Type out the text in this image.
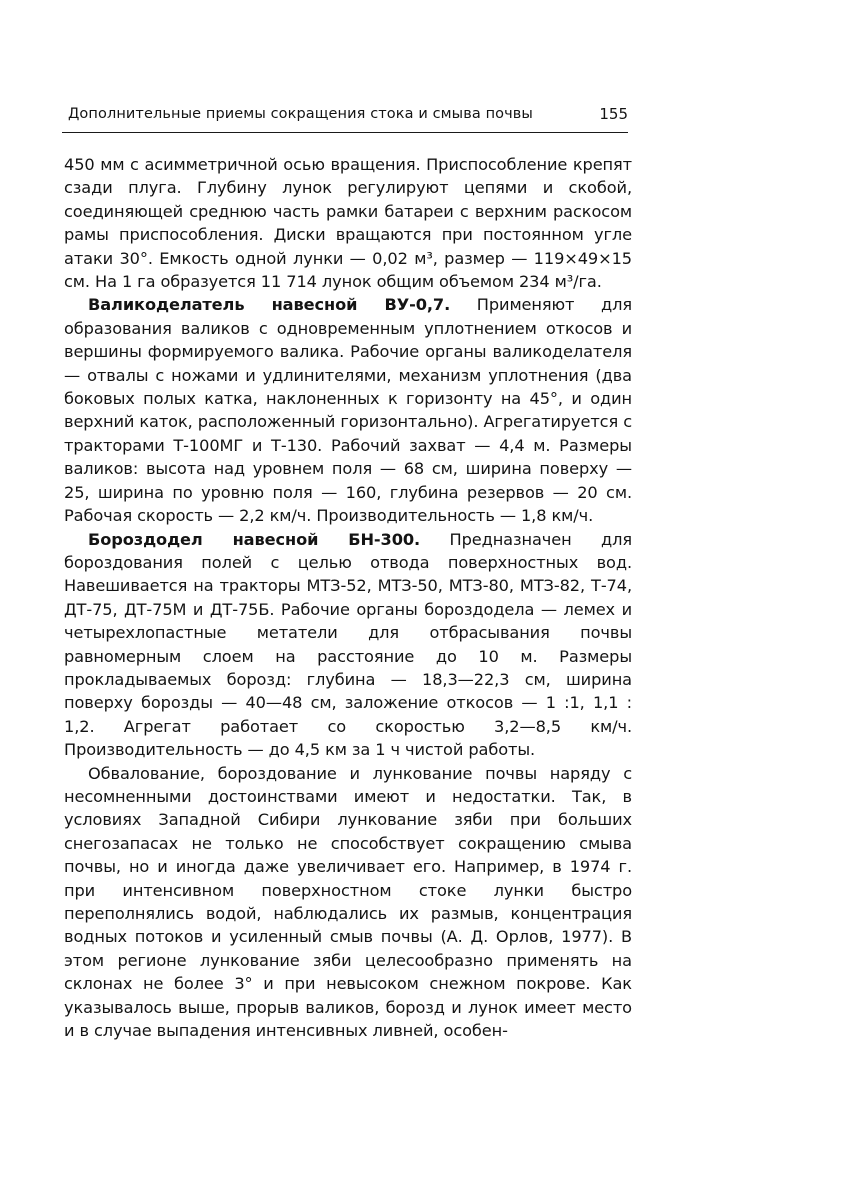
Дополнительные приемы сокращения стока и смыва почвы	155

450 мм с асимметричной осью вращения. Приспособление крепят сзади плуга. Глубину лунок регулируют цепями и скобой, соединяющей среднюю часть рамки батареи с верхним раскосом рамы приспособления. Диски вращаются при постоянном угле атаки 30°. Емкость одной лунки — 0,02 м³, размер — 119×49×15 см. На 1 га образуется 11 714 лунок общим объемом 234 м³/га.

Валикоделатель навесной ВУ-0,7. Применяют для образования валиков с одновременным уплотнением откосов и вершины формируемого валика. Рабочие органы валикоделателя — отвалы с ножами и удлинителями, механизм уплотнения (два боковых полых катка, наклоненных к горизонту на 45°, и один верхний каток, расположенный горизонтально). Агрегатируется с тракторами Т-100МГ и Т-130. Рабочий захват — 4,4 м. Размеры валиков: высота над уровнем поля — 68 см, ширина поверху — 25, ширина по уровню поля — 160, глубина резервов — 20 см. Рабочая скорость — 2,2 км/ч. Производительность — 1,8 км/ч.

Бороздодел навесной БН-300. Предназначен для бороздования полей с целью отвода поверхностных вод. Навешивается на тракторы МТЗ-52, МТЗ-50, МТЗ-80, МТЗ-82, Т-74, ДТ-75, ДТ-75М и ДТ-75Б. Рабочие органы бороздодела — лемех и четырехлопастные метатели для отбрасывания почвы равномерным слоем на расстояние до 10 м. Размеры прокладываемых борозд: глубина — 18,3—22,3 см, ширина поверху борозды — 40—48 см, заложение откосов — 1 :1, 1,1 : 1,2. Агрегат работает со скоростью 3,2—8,5 км/ч. Производительность — до 4,5 км за 1 ч чистой работы.

Обвалование, бороздование и лункование почвы наряду с несомненными достоинствами имеют и недостатки. Так, в условиях Западной Сибири лункование зяби при больших снегозапасах не только не способствует сокращению смыва почвы, но и иногда даже увеличивает его. Например, в 1974 г. при интенсивном поверхностном стоке лунки быстро переполнялись водой, наблюдались их размыв, концентрация водных потоков и усиленный смыв почвы (А. Д. Орлов, 1977). В этом регионе лункование зяби целесообразно применять на склонах не более 3° и при невысоком снежном покрове. Как указывалось выше, прорыв валиков, борозд и лунок имеет место и в случае выпадения интенсивных ливней, особен-
